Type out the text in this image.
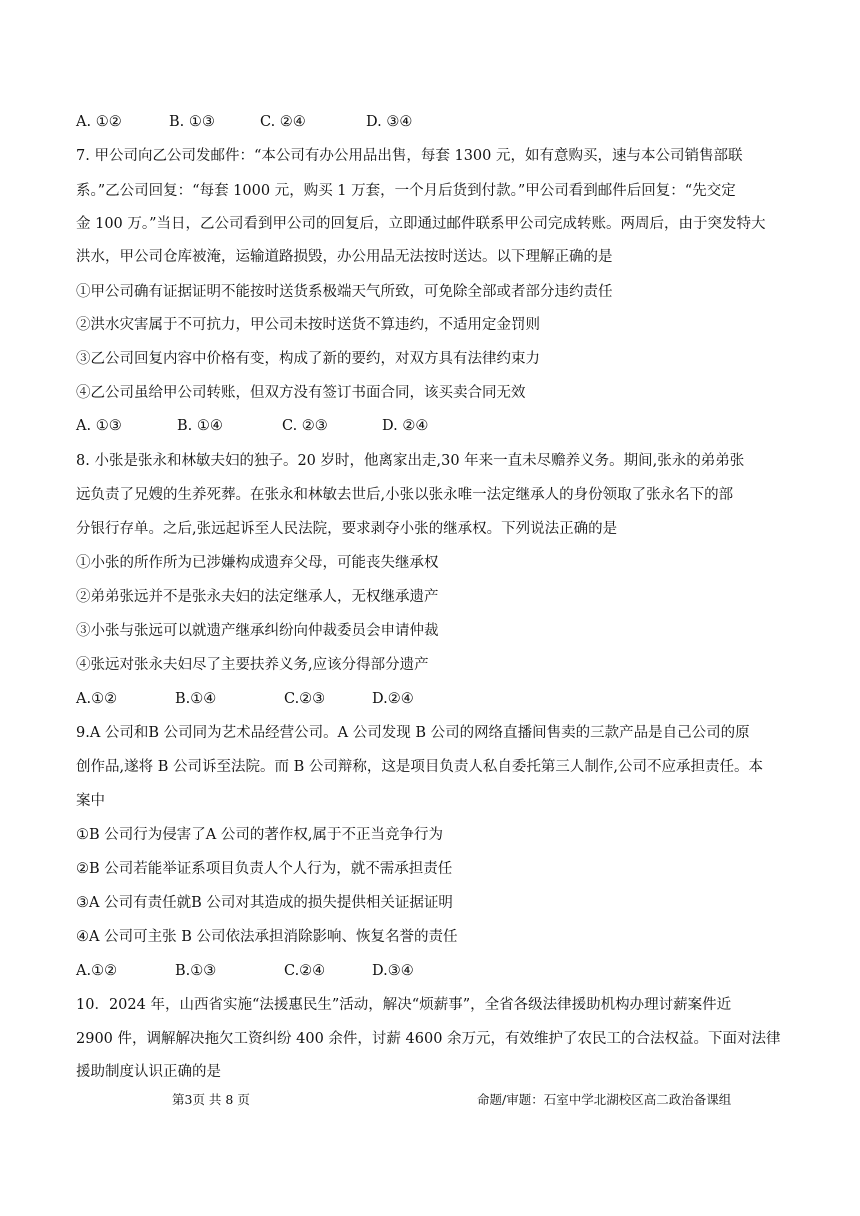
A. ①②	B. ①③	C. ②④	D. ③④
7. 甲公司向乙公司发邮件：“本公司有办公用品出售，每套 1300 元，如有意购买，速与本公司销售部联
系。”乙公司回复：“每套 1000 元，购买 1 万套，一个月后货到付款。”甲公司看到邮件后回复：“先交定
金 100 万。”当日，乙公司看到甲公司的回复后，立即通过邮件联系甲公司完成转账。两周后，由于突发特大
洪水，甲公司仓库被淹，运输道路损毁，办公用品无法按时送达。以下理解正确的是
①甲公司确有证据证明不能按时送货系极端天气所致，可免除全部或者部分违约责任
②洪水灾害属于不可抗力，甲公司未按时送货不算违约，不适用定金罚则
③乙公司回复内容中价格有变，构成了新的要约，对双方具有法律约束力
④乙公司虽给甲公司转账，但双方没有签订书面合同，该买卖合同无效
A. ①③	B. ①④	C. ②③	D. ②④
8. 小张是张永和林敏夫妇的独子。20 岁时，他离家出走,30 年来一直未尽赡养义务。期间,张永的弟弟张
远负责了兄嫂的生养死葬。在张永和林敏去世后,小张以张永唯一法定继承人的身份领取了张永名下的部
分银行存单。之后,张远起诉至人民法院，要求剥夺小张的继承权。下列说法正确的是
①小张的所作所为已涉嫌构成遗弃父母，可能丧失继承权
②弟弟张远并不是张永夫妇的法定继承人，无权继承遗产
③小张与张远可以就遗产继承纠纷向仲裁委员会申请仲裁
④张远对张永夫妇尽了主要扶养义务,应该分得部分遗产
A.①②	B.①④	C.②③	D.②④
9.A 公司和B 公司同为艺术品经营公司。A 公司发现 B 公司的网络直播间售卖的三款产品是自己公司的原
创作品,遂将 B 公司诉至法院。而 B 公司辩称，这是项目负责人私自委托第三人制作,公司不应承担责任。本
案中
①B 公司行为侵害了A 公司的著作权,属于不正当竞争行为
②B 公司若能举证系项目负责人个人行为，就不需承担责任
③A 公司有责任就B 公司对其造成的损失提供相关证据证明
④A 公司可主张 B 公司依法承担消除影响、恢复名誉的责任
A.①②	B.①③	C.②④	D.③④
10．2024 年，山西省实施“法援惠民生”活动，解决“烦薪事”，全省各级法律援助机构办理讨薪案件近
2900 件，调解解决拖欠工资纠纷 400 余件，讨薪 4600 余万元，有效维护了农民工的合法权益。下面对法律
援助制度认识正确的是
第3页 共 8 页	命题/审题：石室中学北湖校区高二政治备课组
